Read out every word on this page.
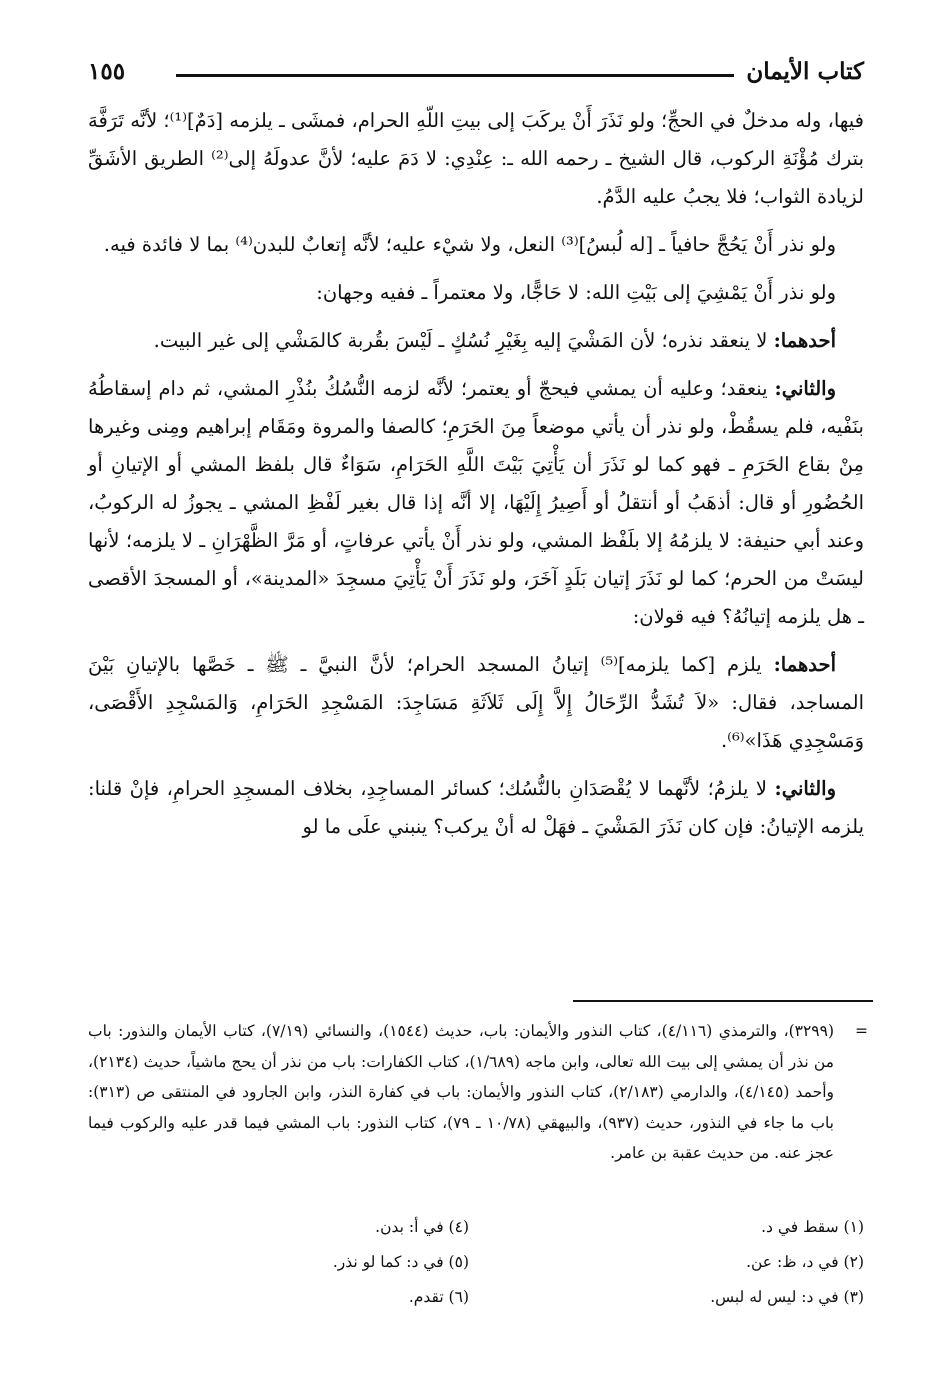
كتاب الأيمان
١٥٥

فيها، وله مدخلٌ في الحجِّ؛ ولو نَذَرَ أَنْ يركَبَ إلى بيتِ اللّهِ الحرام، فمشَى ـ يلزمه [دَمٌ]⁽¹⁾؛ لأنَّه تَرَفَّهَ بترك مُؤْنَةِ الركوب، قال الشيخ ـ رحمه الله ـ: عِنْدِي: لا دَمَ عليه؛ لأنَّ عدولَهُ إلى⁽²⁾ الطريق الأشَقِّ لزيادة الثواب؛ فلا يجبُ عليه الدَّمُ.

ولو نذر أَنْ يَحُجَّ حافياً ـ [له لُبسُ]⁽³⁾ النعل، ولا شيْء عليه؛ لأنَّه إتعابٌ للبدن⁽⁴⁾ بما لا فائدة فيه.

ولو نذر أَنْ يَمْشِيَ إلى بَيْتِ الله: لا حَاجًّا، ولا معتمراً ـ ففيه وجهان:

أحدهما: لا ينعقد نذره؛ لأن المَشْيَ إليه بِغَيْرِ نُسُكٍ ـ لَيْسَ بقُربة كالمَشْي إلى غير البيت.

والثاني: ينعقد؛ وعليه أن يمشي فيحجّ أو يعتمر؛ لأنَّه لزمه النُّسُكُ بنُذْرِ المشي، ثم دام إسقاطُهُ بنَفْيه، فلم يسقُطْ، ولو نذر أن يأتي موضعاً مِنَ الحَرَمِ؛ كالصفا والمروة ومَقَام إبراهيم ومِنى وغيرها مِنْ بقاع الحَرَمِ ـ فهو كما لو نَذَرَ أن يَأْتِيَ بَيْتَ اللَّهِ الحَرَامِ، سَوَاءٌ قال بلفظ المشي أو الإتيانِ أو الحُضُورِ أو قال: أذهَبُ أو أنتقلُ أو أَصِيرُ إِلَيْهَا، إلا أنَّه إذا قال بغير لَفْظِ المشي ـ يجوزُ له الركوبُ، وعند أبي حنيفة: لا يلزمُهُ إلا بلَفْظ المشي، ولو نذر أَنْ يأتي عرفاتٍ، أو مَرَّ الظَّهْرَانِ ـ لا يلزمه؛ لأنها ليسَتْ من الحرم؛ كما لو نَذَرَ إتيان بَلَدٍ آخَرَ، ولو نَذَرَ أَنْ يَأْتِيَ مسجِدَ «المدينة»، أو المسجدَ الأقصى ـ هل يلزمه إتيانُهُ؟ فيه قولان:

أحدهما: يلزم [كما يلزمه]⁽⁵⁾ إتيانُ المسجد الحرام؛ لأنَّ النبيَّ ـ ﷺ ـ خَصَّها بالإتيانِ بَيْنَ المساجد، فقال: «لاَ تُشَدُّ الرِّحَالُ إِلاَّ إِلَى ثَلاَثَةِ مَسَاجِدَ: المَسْجِدِ الحَرَامِ، وَالمَسْجِدِ الأَقْصَى، وَمَسْجِدِي هَذَا»⁽⁶⁾.

والثاني: لا يلزمُ؛ لأنَّهما لا يُقْصَدَانِ بالنُّسُك؛ كسائر المساجِدِ، بخلاف المسجِدِ الحرامِ، فإنْ قلنا: يلزمه الإتيانُ: فإن كان نَذَرَ المَشْيَ ـ فهَلْ له أنْ يركب؟ ينبني علَى ما لو

=
(٣٢٩٩)، والترمذي (٤/١١٦)، كتاب النذور والأيمان: باب، حديث (١٥٤٤)، والنسائي (٧/١٩)، كتاب الأيمان والنذور: باب من نذر أن يمشي إلى بيت الله تعالى، وابن ماجه (١/٦٨٩)، كتاب الكفارات: باب من نذر أن يحج ماشياً، حديث (٢١٣٤)، وأحمد (٤/١٤٥)، والدارمي (٢/١٨٣)، كتاب النذور والأيمان: باب في كفارة النذر، وابن الجارود في المنتقى ص (٣١٣): باب ما جاء في النذور، حديث (٩٣٧)، والبيهقي (١٠/٧٨ ـ ٧٩)، كتاب النذور: باب المشي فيما قدر عليه والركوب فيما عجز عنه. من حديث عقبة بن عامر.
(١) سقط في د.
(٢) في د، ظ: عن.
(٣) في د: ليس له لبس.
(٤) في أ: بدن.
(٥) في د: كما لو نذر.
(٦) تقدم.
